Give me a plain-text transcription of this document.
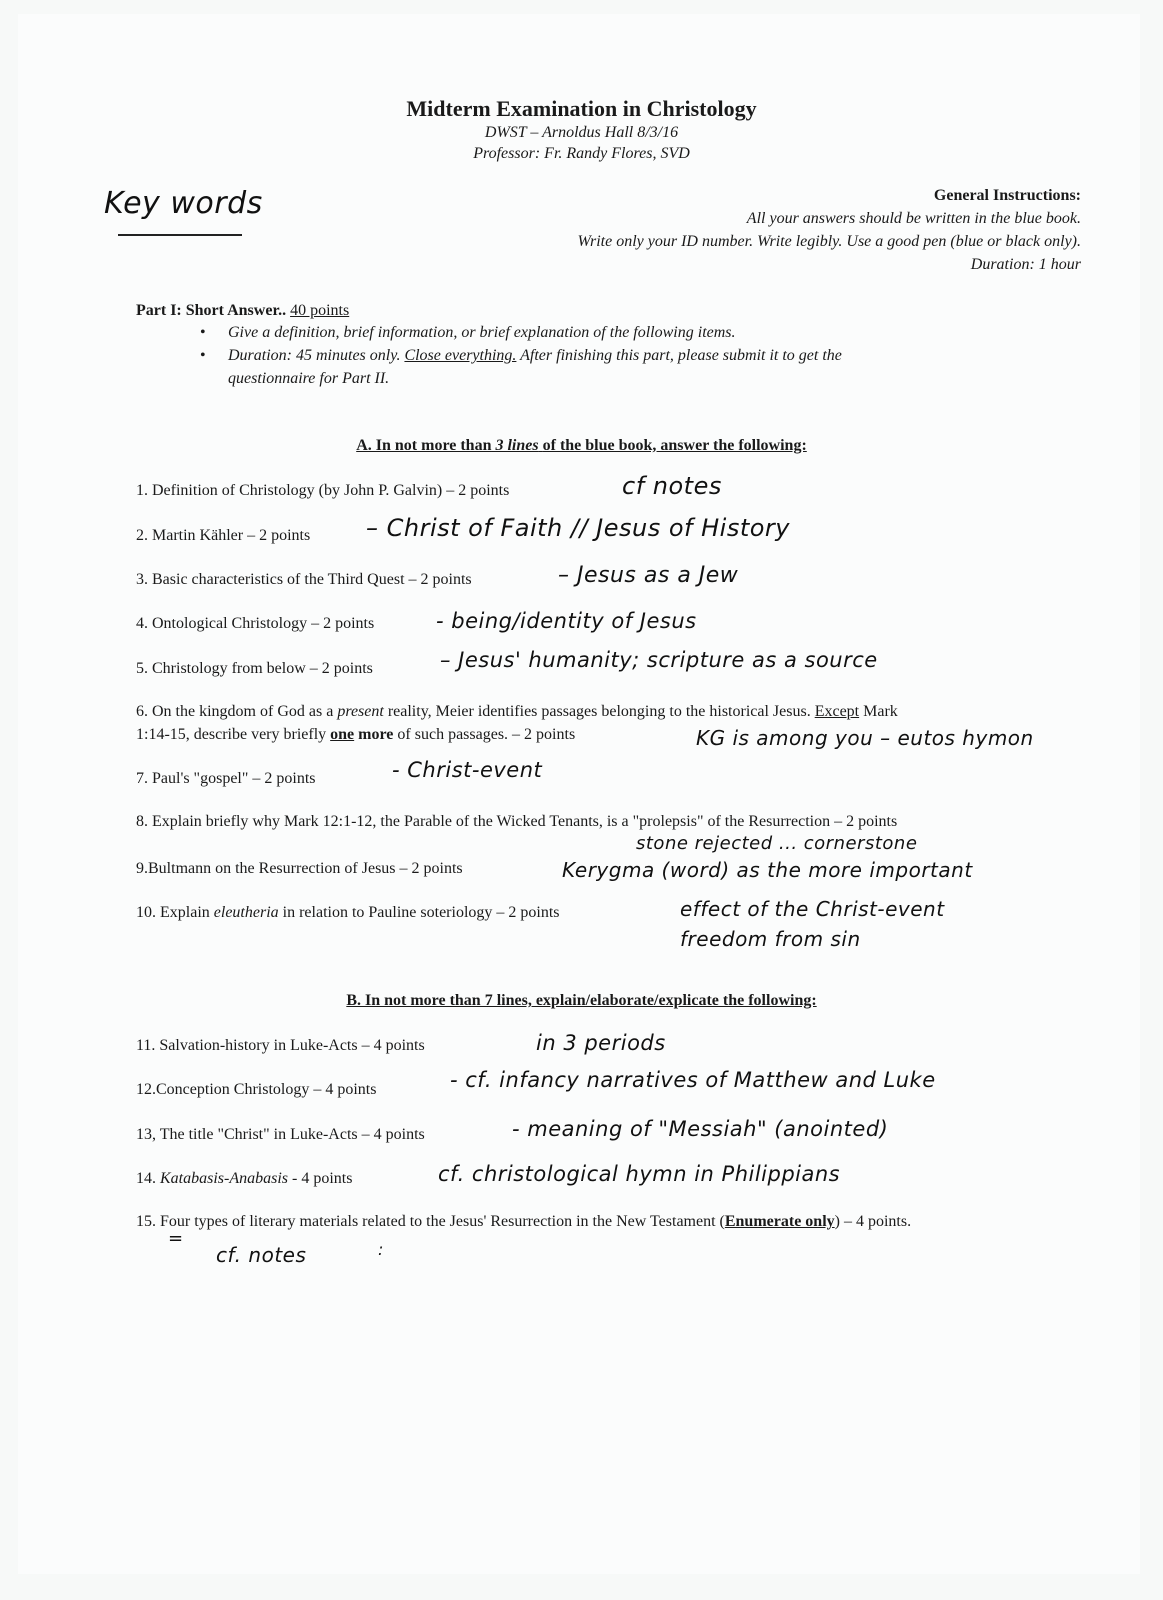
Midterm Examination in Christology
DWST – Arnoldus Hall 8/3/16
Professor: Fr. Randy Flores, SVD
Key words	General Instructions:
All your answers should be written in the blue book.
Write only your ID number. Write legibly. Use a good pen (blue or black only).
Duration: 1 hour
Part I: Short Answer.. 40 points
• Give a definition, brief information, or brief explanation of the following items.
• Duration: 45 minutes only. Close everything. After finishing this part, please submit it to get the
questionnaire for Part II.
A. In not more than 3 lines of the blue book, answer the following:
1. Definition of Christology (by John P. Galvin) – 2 points	cf notes
2. Martin Kähler – 2 points – Christ of Faith // Jesus of History
3. Basic characteristics of the Third Quest – 2 points	– Jesus as a Jew
4. Ontological Christology – 2 points	- being/identity of Jesus
5. Christology from below – 2 points	– Jesus' humanity; scripture as a source
6. On the kingdom of God as a present reality, Meier identifies passages belonging to the historical Jesus. Except Mark
1:14-15, describe very briefly one more of such passages. – 2 points	KG is among you – eutos hymon
7. Paul's "gospel" – 2 points	- Christ-event
8. Explain briefly why Mark 12:1-12, the Parable of the Wicked Tenants, is a "prolepsis" of the Resurrection – 2 points
stone rejected ... cornerstone
9.Bultmann on the Resurrection of Jesus – 2 points	Kerygma (word) as the more important
10. Explain eleutheria in relation to Pauline soteriology – 2 points	effect of the Christ-event
freedom from sin
B. In not more than 7 lines, explain/elaborate/explicate the following:
11. Salvation-history in Luke-Acts – 4 points	in 3 periods
12.Conception Christology – 4 points	- cf. infancy narratives of Matthew and Luke
13, The title "Christ" in Luke-Acts – 4 points	- meaning of "Messiah" (anointed)
14. Katabasis-Anabasis - 4 points	cf. christological hymn in Philippians
15. Four types of literary materials related to the Jesus' Resurrection in the New Testament (Enumerate only) – 4 points.
=
cf. notes	:
